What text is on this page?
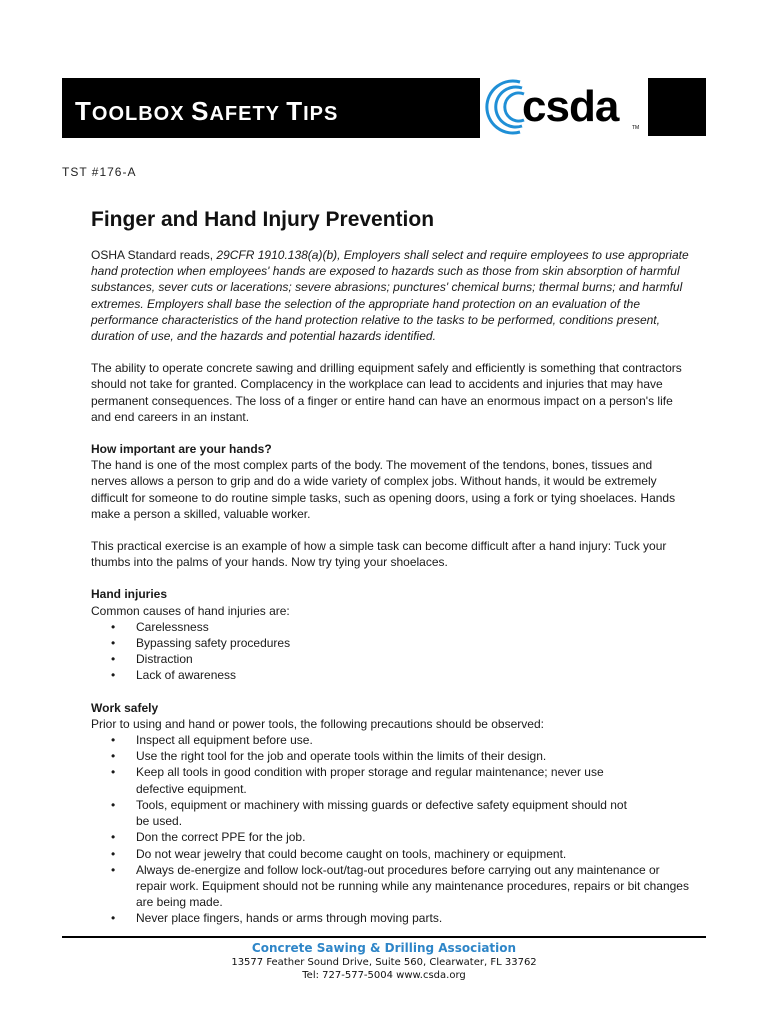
TOOLBOX SAFETY TIPS	csda	TM
TST #176-A
Finger and Hand Injury Prevention

OSHA Standard reads, 29CFR 1910.138(a)(b), Employers shall select and require employees to use appropriate hand protection when employees' hands are exposed to hazards such as those from skin absorption of harmful substances, sever cuts or lacerations; severe abrasions; punctures' chemical burns; thermal burns; and harmful extremes. Employers shall base the selection of the appropriate hand protection on an evaluation of the performance characteristics of the hand protection relative to the tasks to be performed, conditions present, duration of use, and the hazards and potential hazards identified.

The ability to operate concrete sawing and drilling equipment safely and efficiently is something that contractors should not take for granted. Complacency in the workplace can lead to accidents and injuries that may have permanent consequences. The loss of a finger or entire hand can have an enormous impact on a person's life and end careers in an instant.

How important are your hands?
The hand is one of the most complex parts of the body. The movement of the tendons, bones, tissues and nerves allows a person to grip and do a wide variety of complex jobs. Without hands, it would be extremely difficult for someone to do routine simple tasks, such as opening doors, using a fork or tying shoelaces. Hands make a person a skilled, valuable worker.

This practical exercise is an example of how a simple task can become difficult after a hand injury: Tuck your thumbs into the palms of your hands. Now try tying your shoelaces.

Hand injuries
Common causes of hand injuries are:
• Carelessness
• Bypassing safety procedures
• Distraction
• Lack of awareness
Work safely
Prior to using and hand or power tools, the following precautions should be observed:
• Inspect all equipment before use.
• Use the right tool for the job and operate tools within the limits of their design.
• Keep all tools in good condition with proper storage and regular maintenance; never use defective equipment.
• Tools, equipment or machinery with missing guards or defective safety equipment should not be used.
• Don the correct PPE for the job.
• Do not wear jewelry that could become caught on tools, machinery or equipment.
• Always de-energize and follow lock-out/tag-out procedures before carrying out any maintenance or repair work. Equipment should not be running while any maintenance procedures, repairs or bit changes are being made.
• Never place fingers, hands or arms through moving parts.
Concrete Sawing & Drilling Association
13577 Feather Sound Drive, Suite 560, Clearwater, FL 33762
Tel: 727-577-5004 www.csda.org
